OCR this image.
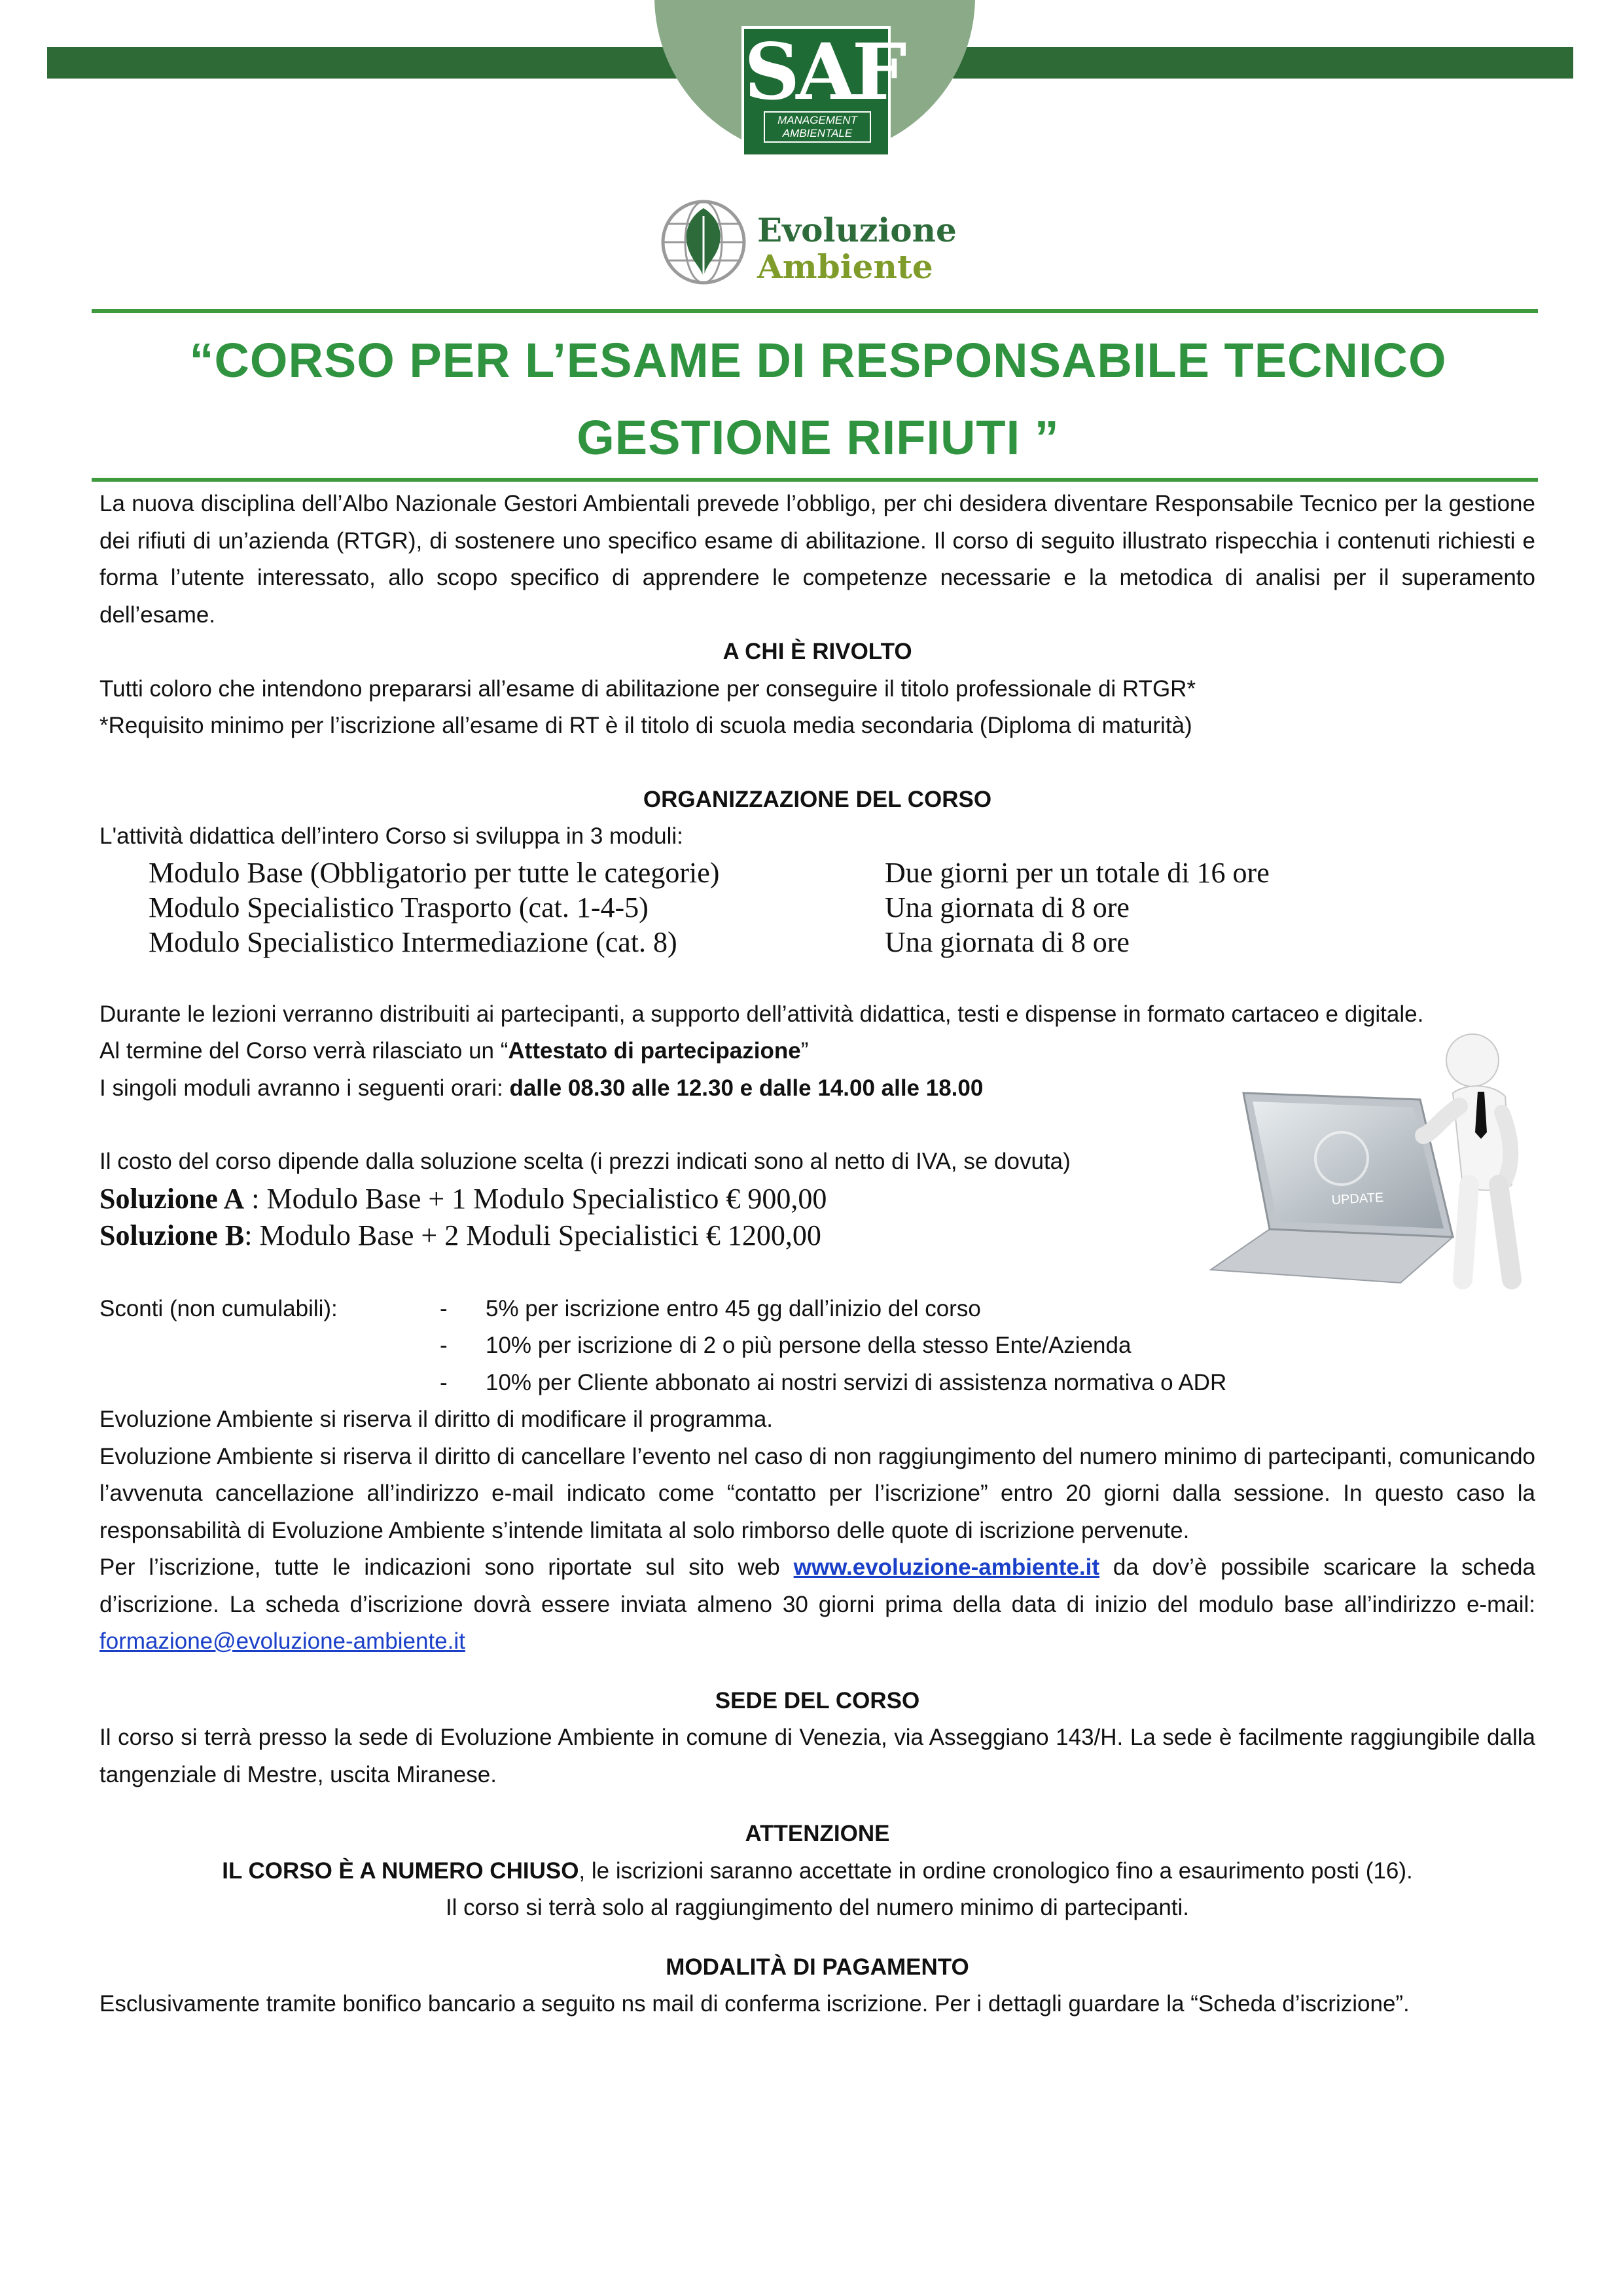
SAF
MANAGEMENT AMBIENTALE
Evoluzione
Ambiente
“CORSO PER L’ESAME DI RESPONSABILE TECNICO
GESTIONE RIFIUTI ”

La nuova disciplina dell’Albo Nazionale Gestori Ambientali prevede l’obbligo, per chi desidera diventare Responsabile Tecnico per la gestione dei rifiuti di un’azienda (RTGR), di sostenere uno specifico esame di abilitazione. Il corso di seguito illustrato rispecchia i contenuti richiesti e forma l’utente interessato, allo scopo specifico di apprendere le competenze necessarie e la metodica di analisi per il superamento dell’esame.

A CHI È RIVOLTO

Tutti coloro che intendono prepararsi all’esame di abilitazione per conseguire il titolo professionale di RTGR*

*Requisito minimo per l’iscrizione all’esame di RT è il titolo di scuola media secondaria (Diploma di maturità)

ORGANIZZAZIONE DEL CORSO

L'attività didattica dell’intero Corso si sviluppa in 3 moduli:

Modulo Base (Obbligatorio per tutte le categorie)	Due giorni per un totale di 16 ore
Modulo Specialistico Trasporto (cat. 1-4-5)	Una giornata di 8 ore
Modulo Specialistico Intermediazione (cat. 8)	Una giornata di 8 ore

Durante le lezioni verranno distribuiti ai partecipanti, a supporto dell’attività didattica, testi e dispense in formato cartaceo e digitale.

Al termine del Corso verrà rilasciato un “Attestato di partecipazione”

I singoli moduli avranno i seguenti orari: dalle 08.30 alle 12.30 e dalle 14.00 alle 18.00

Il costo del corso dipende dalla soluzione scelta (i prezzi indicati sono al netto di IVA, se dovuta)

Soluzione A : Modulo Base + 1 Modulo Specialistico € 900,00

Soluzione B: Modulo Base + 2 Moduli Specialistici € 1200,00

Sconti (non cumulabili):	- 5% per iscrizione entro 45 gg dall’inizio del corso
- 10% per iscrizione di 2 o più persone della stesso Ente/Azienda
- 10% per Cliente abbonato ai nostri servizi di assistenza normativa o ADR

Evoluzione Ambiente si riserva il diritto di modificare il programma.

Evoluzione Ambiente si riserva il diritto di cancellare l’evento nel caso di non raggiungimento del numero minimo di partecipanti, comunicando l’avvenuta cancellazione all’indirizzo e-mail indicato come “contatto per l’iscrizione” entro 20 giorni dalla sessione. In questo caso la responsabilità di Evoluzione Ambiente s’intende limitata al solo rimborso delle quote di iscrizione pervenute.

Per l’iscrizione, tutte le indicazioni sono riportate sul sito web www.evoluzione-ambiente.it da dov’è possibile scaricare la scheda d’iscrizione. La scheda d’iscrizione dovrà essere inviata almeno 30 giorni prima della data di inizio del modulo base all’indirizzo e-mail: formazione@evoluzione-ambiente.it

SEDE DEL CORSO

Il corso si terrà presso la sede di Evoluzione Ambiente in comune di Venezia, via Asseggiano 143/H. La sede è facilmente raggiungibile dalla tangenziale di Mestre, uscita Miranese.

ATTENZIONE

IL CORSO È A NUMERO CHIUSO, le iscrizioni saranno accettate in ordine cronologico fino a esaurimento posti (16).

Il corso si terrà solo al raggiungimento del numero minimo di partecipanti.

MODALITÀ DI PAGAMENTO

Esclusivamente tramite bonifico bancario a seguito ns mail di conferma iscrizione. Per i dettagli guardare la “Scheda d’iscrizione”.

UPDATE
